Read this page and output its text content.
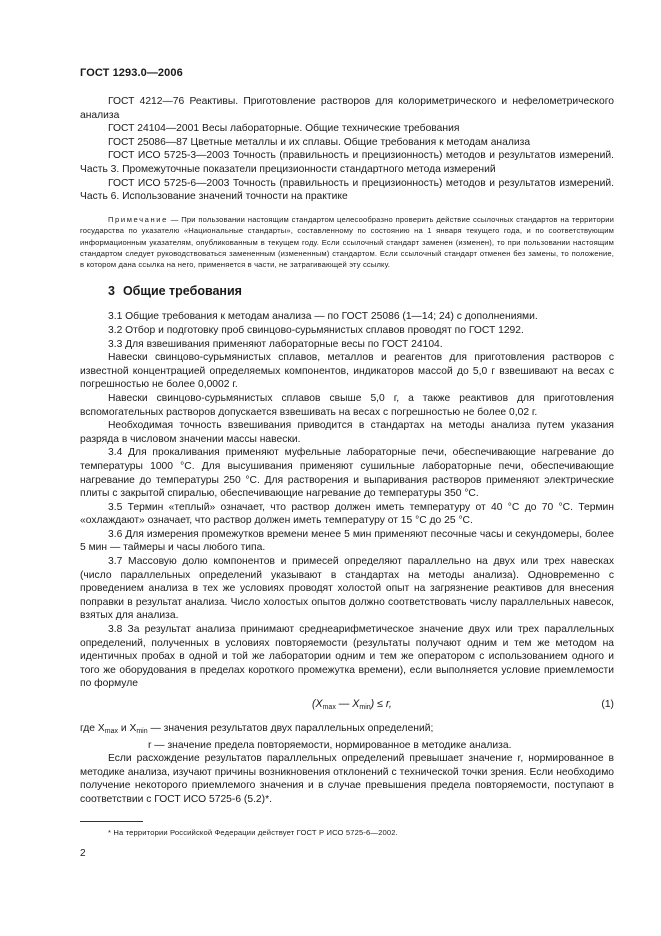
ГОСТ 1293.0—2006

ГОСТ 4212—76 Реактивы. Приготовление растворов для колориметрического и нефелометрического анализа

ГОСТ 24104—2001 Весы лабораторные. Общие технические требования

ГОСТ 25086—87 Цветные металлы и их сплавы. Общие требования к методам анализа

ГОСТ ИСО 5725-3—2003 Точность (правильность и прецизионность) методов и результатов измерений. Часть 3. Промежуточные показатели прецизионности стандартного метода измерений

ГОСТ ИСО 5725-6—2003 Точность (правильность и прецизионность) методов и результатов измерений. Часть 6. Использование значений точности на практике

Примечание — При пользовании настоящим стандартом целесообразно проверить действие ссылочных стандартов на территории государства по указателю «Национальные стандарты», составленному по состоянию на 1 января текущего года, и по соответствующим информационным указателям, опубликованным в текущем году. Если ссылочный стандарт заменен (изменен), то при пользовании настоящим стандартом следует руководствоваться замененным (измененным) стандартом. Если ссылочный стандарт отменен без замены, то положение, в котором дана ссылка на него, применяется в части, не затрагивающей эту ссылку.

3 Общие требования

3.1 Общие требования к методам анализа — по ГОСТ 25086 (1—14; 24) с дополнениями.

3.2 Отбор и подготовку проб свинцово-сурьмянистых сплавов проводят по ГОСТ 1292.

3.3 Для взвешивания применяют лабораторные весы по ГОСТ 24104.

Навески свинцово-сурьмянистых сплавов, металлов и реагентов для приготовления растворов с известной концентрацией определяемых компонентов, индикаторов массой до 5,0 г взвешивают на весах с погрешностью не более 0,0002 г.

Навески свинцово-сурьмянистых сплавов свыше 5,0 г, а также реактивов для приготовления вспомогательных растворов допускается взвешивать на весах с погрешностью не более 0,02 г.

Необходимая точность взвешивания приводится в стандартах на методы анализа путем указания разряда в числовом значении массы навески.

3.4 Для прокаливания применяют муфельные лабораторные печи, обеспечивающие нагревание до температуры 1000 °С. Для высушивания применяют сушильные лабораторные печи, обеспечивающие нагревание до температуры 250 °С. Для растворения и выпаривания растворов применяют электрические плиты с закрытой спиралью, обеспечивающие нагревание до температуры 350 °С.

3.5 Термин «теплый» означает, что раствор должен иметь температуру от 40 °С до 70 °С. Термин «охлаждают» означает, что раствор должен иметь температуру от 15 °С до 25 °С.

3.6 Для измерения промежутков времени менее 5 мин применяют песочные часы и секундомеры, более 5 мин — таймеры и часы любого типа.

3.7 Массовую долю компонентов и примесей определяют параллельно на двух или трех навесках (число параллельных определений указывают в стандартах на методы анализа). Одновременно с проведением анализа в тех же условиях проводят холостой опыт на загрязнение реактивов для внесения поправки в результат анализа. Число холостых опытов должно соответствовать числу параллельных навесок, взятых для анализа.

3.8 За результат анализа принимают среднеарифметическое значение двух или трех параллельных определений, полученных в условиях повторяемости (результаты получают одним и тем же методом на идентичных пробах в одной и той же лаборатории одним и тем же оператором с использованием одного и того же оборудования в пределах короткого промежутка времени), если выполняется условие приемлемости по формуле

($X_{max}$ — $X_{min}) \le r$,	(1)

где $X_{max}$ и $X_{min}$ — значения результатов двух параллельных определений;

r — значение предела повторяемости, нормированное в методике анализа.

Если расхождение результатов параллельных определений превышает значение r, нормированное в методике анализа, изучают причины возникновения отклонений с технической точки зрения. Если необходимо получение некоторого приемлемого значения и в случае превышения предела повторяемости, поступают в соответствии с ГОСТ ИСО 5725-6 (5.2)*.

* На территории Российской Федерации действует ГОСТ Р ИСО 5725-6—2002.
2
